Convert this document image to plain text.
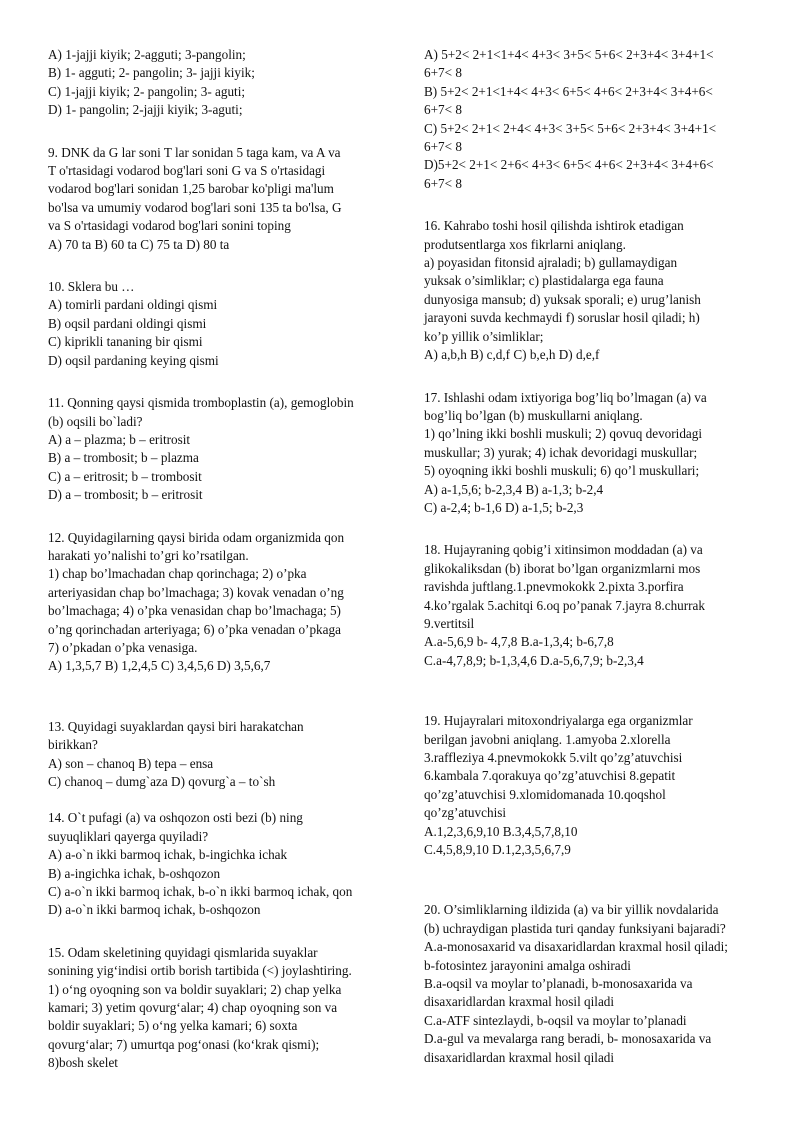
A) 1-jajji kiyik; 2-agguti; 3-pangolin;
B) 1- agguti; 2- pangolin; 3- jajji kiyik;
C) 1-jajji kiyik; 2- pangolin; 3- aguti;
D) 1- pangolin; 2-jajji kiyik; 3-aguti;
9. DNK da G lar soni T lar sonidan 5 taga kam, va A va
T o'rtasidagi vodarod bog'lari soni G va S o'rtasidagi
vodarod bog'lari sonidan 1,25 barobar ko'pligi ma'lum
bo'lsa va umumiy vodarod bog'lari soni 135 ta bo'lsa, G
va S o'rtasidagi vodarod bog'lari sonini toping
A) 70 ta B) 60 ta C) 75 ta D) 80 ta
10. Sklera bu …
A) tomirli pardani oldingi qismi
B) oqsil pardani oldingi qismi
C) kiprikli tananing bir qismi
D) oqsil pardaning keying qismi
11. Qonning qaysi qismida tromboplastin (a), gemoglobin
(b) oqsili bo`ladi?
A) a – plazma; b – eritrosit
B) a – trombosit; b – plazma
C) a – eritrosit; b – trombosit
D) a – trombosit; b – eritrosit
12. Quyidagilarning qaysi birida odam organizmida qon
harakati yo’nalishi to’gri ko’rsatilgan.
1) chap bo’lmachadan chap qorinchaga; 2) o’pka
arteriyasidan chap bo’lmachaga; 3) kovak venadan o’ng
bo’lmachaga; 4) o’pka venasidan chap bo’lmachaga; 5)
o’ng qorinchadan arteriyaga; 6) o’pka venadan o’pkaga
7) o’pkadan o’pka venasiga.
A) 1,3,5,7 B) 1,2,4,5 C) 3,4,5,6 D) 3,5,6,7
13. Quyidagi suyaklardan qaysi biri harakatchan
birikkan?
A) son – chanoq B) tepa – ensa
C) chanoq – dumg`aza D) qovurg`a – to`sh
14. O`t pufagi (a) va oshqozon osti bezi (b) ning
suyuqliklari qayerga quyiladi?
A) a-o`n ikki barmoq ichak, b-ingichka ichak
B) a-ingichka ichak, b-oshqozon
C) a-o`n ikki barmoq ichak, b-o`n ikki barmoq ichak, qon
D) a-o`n ikki barmoq ichak, b-oshqozon
15. Odam skeletining quyidagi qismlarida suyaklar
sonining yig‘indisi ortib borish tartibida (<) joylashtiring.
1) o‘ng oyoqning son va boldir suyaklari; 2) chap yelka
kamari; 3) yetim qovurg‘alar; 4) chap oyoqning son va
boldir suyaklari; 5) o‘ng yelka kamari; 6) soxta
qovurg‘alar; 7) umurtqa pog‘onasi (ko‘krak qismi);
8)bosh skelet
A) 5+2< 2+1<1+4< 4+3< 3+5< 5+6< 2+3+4< 3+4+1<
6+7< 8
B) 5+2< 2+1<1+4< 4+3< 6+5< 4+6< 2+3+4< 3+4+6<
6+7< 8
C) 5+2< 2+1< 2+4< 4+3< 3+5< 5+6< 2+3+4< 3+4+1<
6+7< 8
D)5+2< 2+1< 2+6< 4+3< 6+5< 4+6< 2+3+4< 3+4+6<
6+7< 8
16. Kahrabo toshi hosil qilishda ishtirok etadigan
produtsentlarga xos fikrlarni aniqlang.
a) poyasidan fitonsid ajraladi; b) gullamaydigan
yuksak o’simliklar; c) plastidalarga ega fauna
dunyosiga mansub; d) yuksak sporali; e) urug’lanish
jarayoni suvda kechmaydi f) soruslar hosil qiladi; h)
ko’p yillik o’simliklar;
A) a,b,h B) c,d,f C) b,e,h D) d,e,f
17. Ishlashi odam ixtiyoriga bog’liq bo’lmagan (a) va
bog’liq bo’lgan (b) muskullarni aniqlang.
1) qo’lning ikki boshli muskuli; 2) qovuq devoridagi
muskullar; 3) yurak; 4) ichak devoridagi muskullar;
5) oyoqning ikki boshli muskuli; 6) qo’l muskullari;
A) a-1,5,6; b-2,3,4 B) a-1,3; b-2,4
C) a-2,4; b-1,6 D) a-1,5; b-2,3
18. Hujayraning qobig’i xitinsimon moddadan (a) va
glikokaliksdan (b) iborat bo’lgan organizmlarni mos
ravishda juftlang.1.pnevmokokk 2.pixta 3.porfira
4.ko’rgalak 5.achitqi 6.oq po’panak 7.jayra 8.churrak
9.vertitsil
A.a-5,6,9 b- 4,7,8 B.a-1,3,4; b-6,7,8
C.a-4,7,8,9; b-1,3,4,6 D.a-5,6,7,9; b-2,3,4
19. Hujayralari mitoxondriyalarga ega organizmlar
berilgan javobni aniqlang. 1.amyoba 2.xlorella
3.raffleziya 4.pnevmokokk 5.vilt qo’zg’atuvchisi
6.kambala 7.qorakuya qo’zg’atuvchisi 8.gepatit
qo’zg’atuvchisi 9.xlomidomanada 10.qoqshol
qo’zg’atuvchisi
A.1,2,3,6,9,10 B.3,4,5,7,8,10
C.4,5,8,9,10 D.1,2,3,5,6,7,9
20. O’simliklarning ildizida (a) va bir yillik novdalarida
(b) uchraydigan plastida turi qanday funksiyani bajaradi?
A.a-monosaxarid va disaxaridlardan kraxmal hosil qiladi;
b-fotosintez jarayonini amalga oshiradi
B.a-oqsil va moylar to’planadi, b-monosaxarida va
disaxaridlardan kraxmal hosil qiladi
C.a-ATF sintezlaydi, b-oqsil va moylar to’planadi
D.a-gul va mevalarga rang beradi, b- monosaxarida va
disaxaridlardan kraxmal hosil qiladi
